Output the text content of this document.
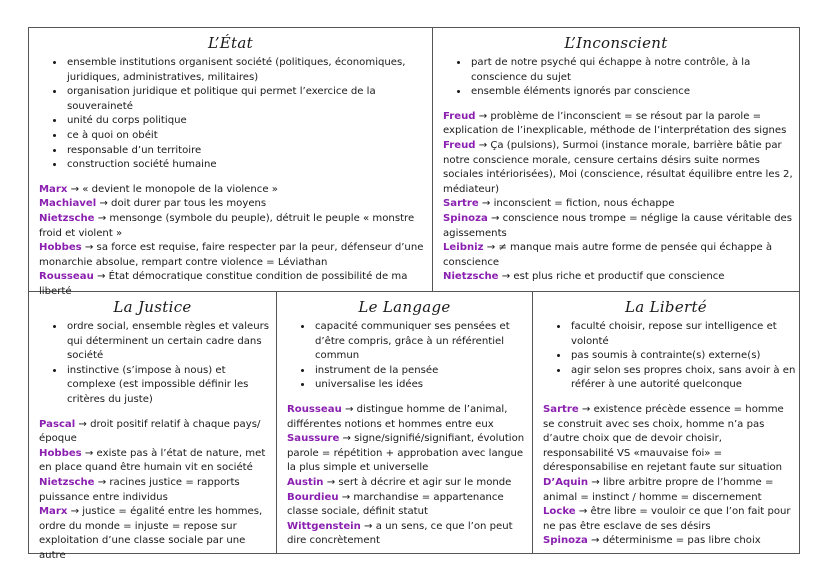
L’État
• ensemble institutions organisent société (politiques, économiques, juridiques, administratives, militaires)
• organisation juridique et politique qui permet l’exercice de la souveraineté
• unité du corps politique
• ce à quoi on obéit
• responsable d’un territoire
• construction société humaine

Marx → « devient le monopole de la violence »

Machiavel → doit durer par tous les moyens

Nietzsche → mensonge (symbole du peuple), détruit le peuple « monstre froid et violent »

Hobbes → sa force est requise, faire respecter par la peur, défenseur d’une monarchie absolue, rempart contre violence = Léviathan

Rousseau → État démocratique constitue condition de possibilité de ma liberté

L’Inconscient
• part de notre psyché qui échappe à notre contrôle, à la conscience du sujet
• ensemble éléments ignorés par conscience

Freud → problème de l’inconscient = se résout par la parole = explication de l’inexplicable, méthode de l’interprétation des signes

Freud → Ça (pulsions), Surmoi (instance morale, barrière bâtie par notre conscience morale, censure certains désirs suite normes sociales intériorisées), Moi (conscience, résultat équilibre entre les 2, médiateur)

Sartre → inconscient = fiction, nous échappe

Spinoza → conscience nous trompe = néglige la cause véritable des agissements

Leibniz → ≠ manque mais autre forme de pensée qui échappe à conscience

Nietzsche → est plus riche et productif que conscience

La Justice
• ordre social, ensemble règles et valeurs qui déterminent un certain cadre dans société
• instinctive (s’impose à nous) et complexe (est impossible définir les critères du juste)

Pascal → droit positif relatif à chaque pays/époque

Hobbes → existe pas à l’état de nature, met en place quand être humain vit en société

Nietzsche → racines justice = rapports puissance entre individus

Marx → justice = égalité entre les hommes, ordre du monde = injuste = repose sur exploitation d’une classe sociale par une autre

Le Langage
• capacité communiquer ses pensées et d’être compris, grâce à un référentiel commun
• instrument de la pensée
• universalise les idées

Rousseau → distingue homme de l’animal, différentes notions et hommes entre eux

Saussure → signe/signifié/signifiant, évolution parole = répétition + approbation avec langue la plus simple et universelle

Austin → sert à décrire et agir sur le monde

Bourdieu → marchandise = appartenance classe sociale, définit statut

Wittgenstein → a un sens, ce que l’on peut dire concrètement

La Liberté
• faculté choisir, repose sur intelligence et volonté
• pas soumis à contrainte(s) externe(s)
• agir selon ses propres choix, sans avoir à en référer à une autorité quelconque

Sartre → existence précède essence = homme se construit avec ses choix, homme n’a pas d’autre choix que de devoir choisir, responsabilité VS «mauvaise foi» = déresponsabilise en rejetant faute sur situation

D’Aquin → libre arbitre propre de l’homme = animal = instinct / homme = discernement

Locke → être libre = vouloir ce que l’on fait pour ne pas être esclave de ses désirs

Spinoza → déterminisme = pas libre choix
